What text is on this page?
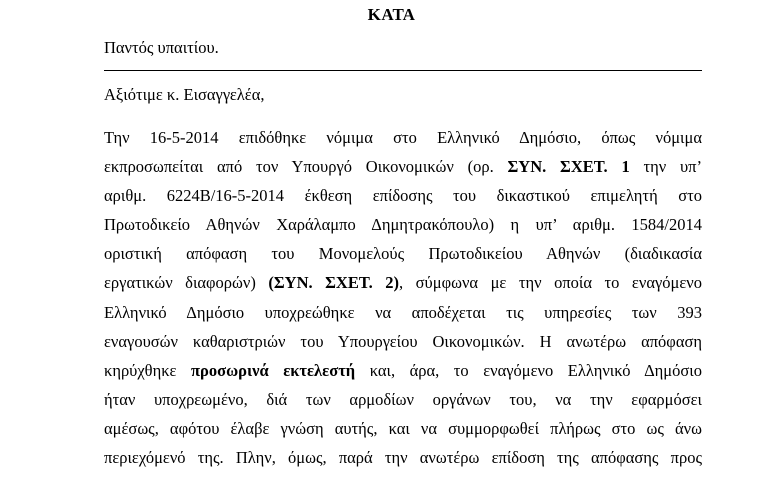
ΚΑΤΑ
Παντός υπαιτίου.
Αξιότιμε κ. Εισαγγελέα,
Την 16-5-2014 επιδόθηκε νόμιμα στο Ελληνικό Δημόσιο, όπως νόμιμα
εκπροσωπείται από τον Υπουργό Οικονομικών (ορ. ΣΥΝ. ΣΧΕΤ. 1 την υπ’
αριθμ. 6224Β/16-5-2014 έκθεση επίδοσης του δικαστικού επιμελητή στο
Πρωτοδικείο Αθηνών Χαράλαμπο Δημητρακόπουλο) η υπ’ αριθμ. 1584/2014
οριστική απόφαση του Μονομελούς Πρωτοδικείου Αθηνών (διαδικασία
εργατικών διαφορών) (ΣΥΝ. ΣΧΕΤ. 2), σύμφωνα με την οποία το εναγόμενο
Ελληνικό Δημόσιο υποχρεώθηκε να αποδέχεται τις υπηρεσίες των 393
εναγουσών καθαριστριών του Υπουργείου Οικονομικών. Η ανωτέρω απόφαση
κηρύχθηκε προσωρινά εκτελεστή και, άρα, το εναγόμενο Ελληνικό Δημόσιο
ήταν υποχρεωμένο, διά των αρμοδίων οργάνων του, να την εφαρμόσει
αμέσως, αφότου έλαβε γνώση αυτής, και να συμμορφωθεί πλήρως στο ως άνω
περιεχόμενό της. Πλην, όμως, παρά την ανωτέρω επίδοση της απόφασης προς
